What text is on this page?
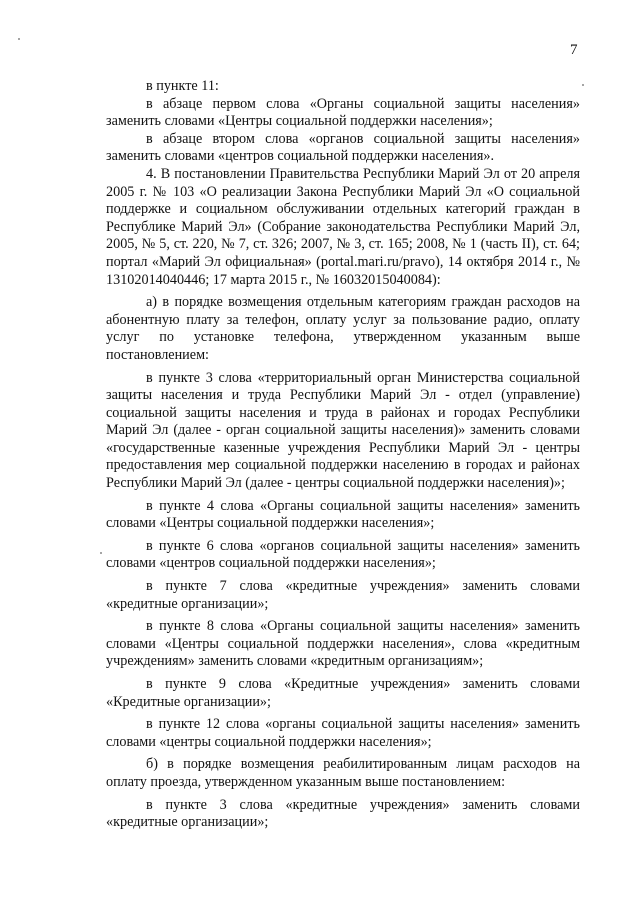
7

в пункте 11:

в абзаце первом слова «Органы социальной защиты населения» заменить словами «Центры социальной поддержки населения»;

в абзаце втором слова «органов социальной защиты населения» заменить словами «центров социальной поддержки населения».

4. В постановлении Правительства Республики Марий Эл от 20 апреля 2005 г. № 103 «О реализации Закона Республики Марий Эл «О социальной поддержке и социальном обслуживании отдельных категорий граждан в Республике Марий Эл» (Собрание законодательства Республики Марий Эл, 2005, № 5, ст. 220, № 7, ст. 326; 2007, № 3, ст. 165; 2008, № 1 (часть II), ст. 64; портал «Марий Эл официальная» (portal.mari.ru/pravo), 14 октября 2014 г., № 13102014040446; 17 марта 2015 г., № 16032015040084):

а) в порядке возмещения отдельным категориям граждан расходов на абонентную плату за телефон, оплату услуг за пользование радио, оплату услуг по установке телефона, утвержденном указанным выше постановлением:

в пункте 3 слова «территориальный орган Министерства социальной защиты населения и труда Республики Марий Эл - отдел (управление) социальной защиты населения и труда в районах и городах Республики Марий Эл (далее - орган социальной защиты населения)» заменить словами «государственные казенные учреждения Республики Марий Эл - центры предоставления мер социальной поддержки населению в городах и районах Республики Марий Эл (далее - центры социальной поддержки населения)»;

в пункте 4 слова «Органы социальной защиты населения» заменить словами «Центры социальной поддержки населения»;

в пункте 6 слова «органов социальной защиты населения» заменить словами «центров социальной поддержки населения»;

в пункте 7 слова «кредитные учреждения» заменить словами «кредитные организации»;

в пункте 8 слова «Органы социальной защиты населения» заменить словами «Центры социальной поддержки населения», слова «кредитным учреждениям» заменить словами «кредитным организациям»;

в пункте 9 слова «Кредитные учреждения» заменить словами «Кредитные организации»;

в пункте 12 слова «органы социальной защиты населения» заменить словами «центры социальной поддержки населения»;

б) в порядке возмещения реабилитированным лицам расходов на оплату проезда, утвержденном указанным выше постановлением:

в пункте 3 слова «кредитные учреждения» заменить словами «кредитные организации»;
